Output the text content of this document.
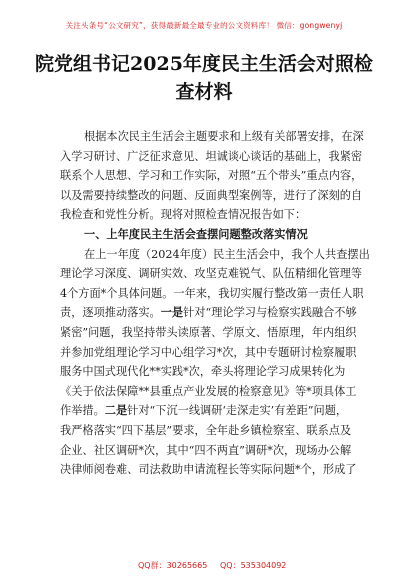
关注头条号“公文研究”，获得最新最全最专业的公文资料库！ 微信：gongwenyj
院党组书记2025年度民主生活会对照检
查材料
根据本次民主生活会主题要求和上级有关部署安排，在深
入学习研讨、广泛征求意见、坦诚谈心谈话的基础上，我紧密
联系个人思想、学习和工作实际，对照“五个带头”重点内容，
以及需要持续整改的问题、反面典型案例等，进行了深刻的自
我检查和党性分析。现将对照检查情况报告如下：
一、上年度民主生活会查摆问题整改落实情况
在上一年度（2024年度）民主生活会中，我个人共查摆出
理论学习深度、调研实效、攻坚克难锐气、队伍精细化管理等
4个方面*个具体问题。一年来，我切实履行整改第一责任人职
责，逐项推动落实。一是针对“理论学习与检察实践融合不够
紧密”问题，我坚持带头读原著、学原文、悟原理，年内组织
并参加党组理论学习中心组学习*次，其中专题研讨检察履职
服务中国式现代化**实践*次，牵头将理论学习成果转化为
《关于依法保障**县重点产业发展的检察意见》等*项具体工
作举措。二是针对“下沉一线调研‘走深走实’有差距”问题，
我严格落实“四下基层”要求，全年赴乡镇检察室、联系点及
企业、社区调研*次，其中“四不两直”调研*次，现场办公解
决律师阅卷难、司法救助申请流程长等实际问题*个，形成了
QQ群：30265665 QQ：535304092
